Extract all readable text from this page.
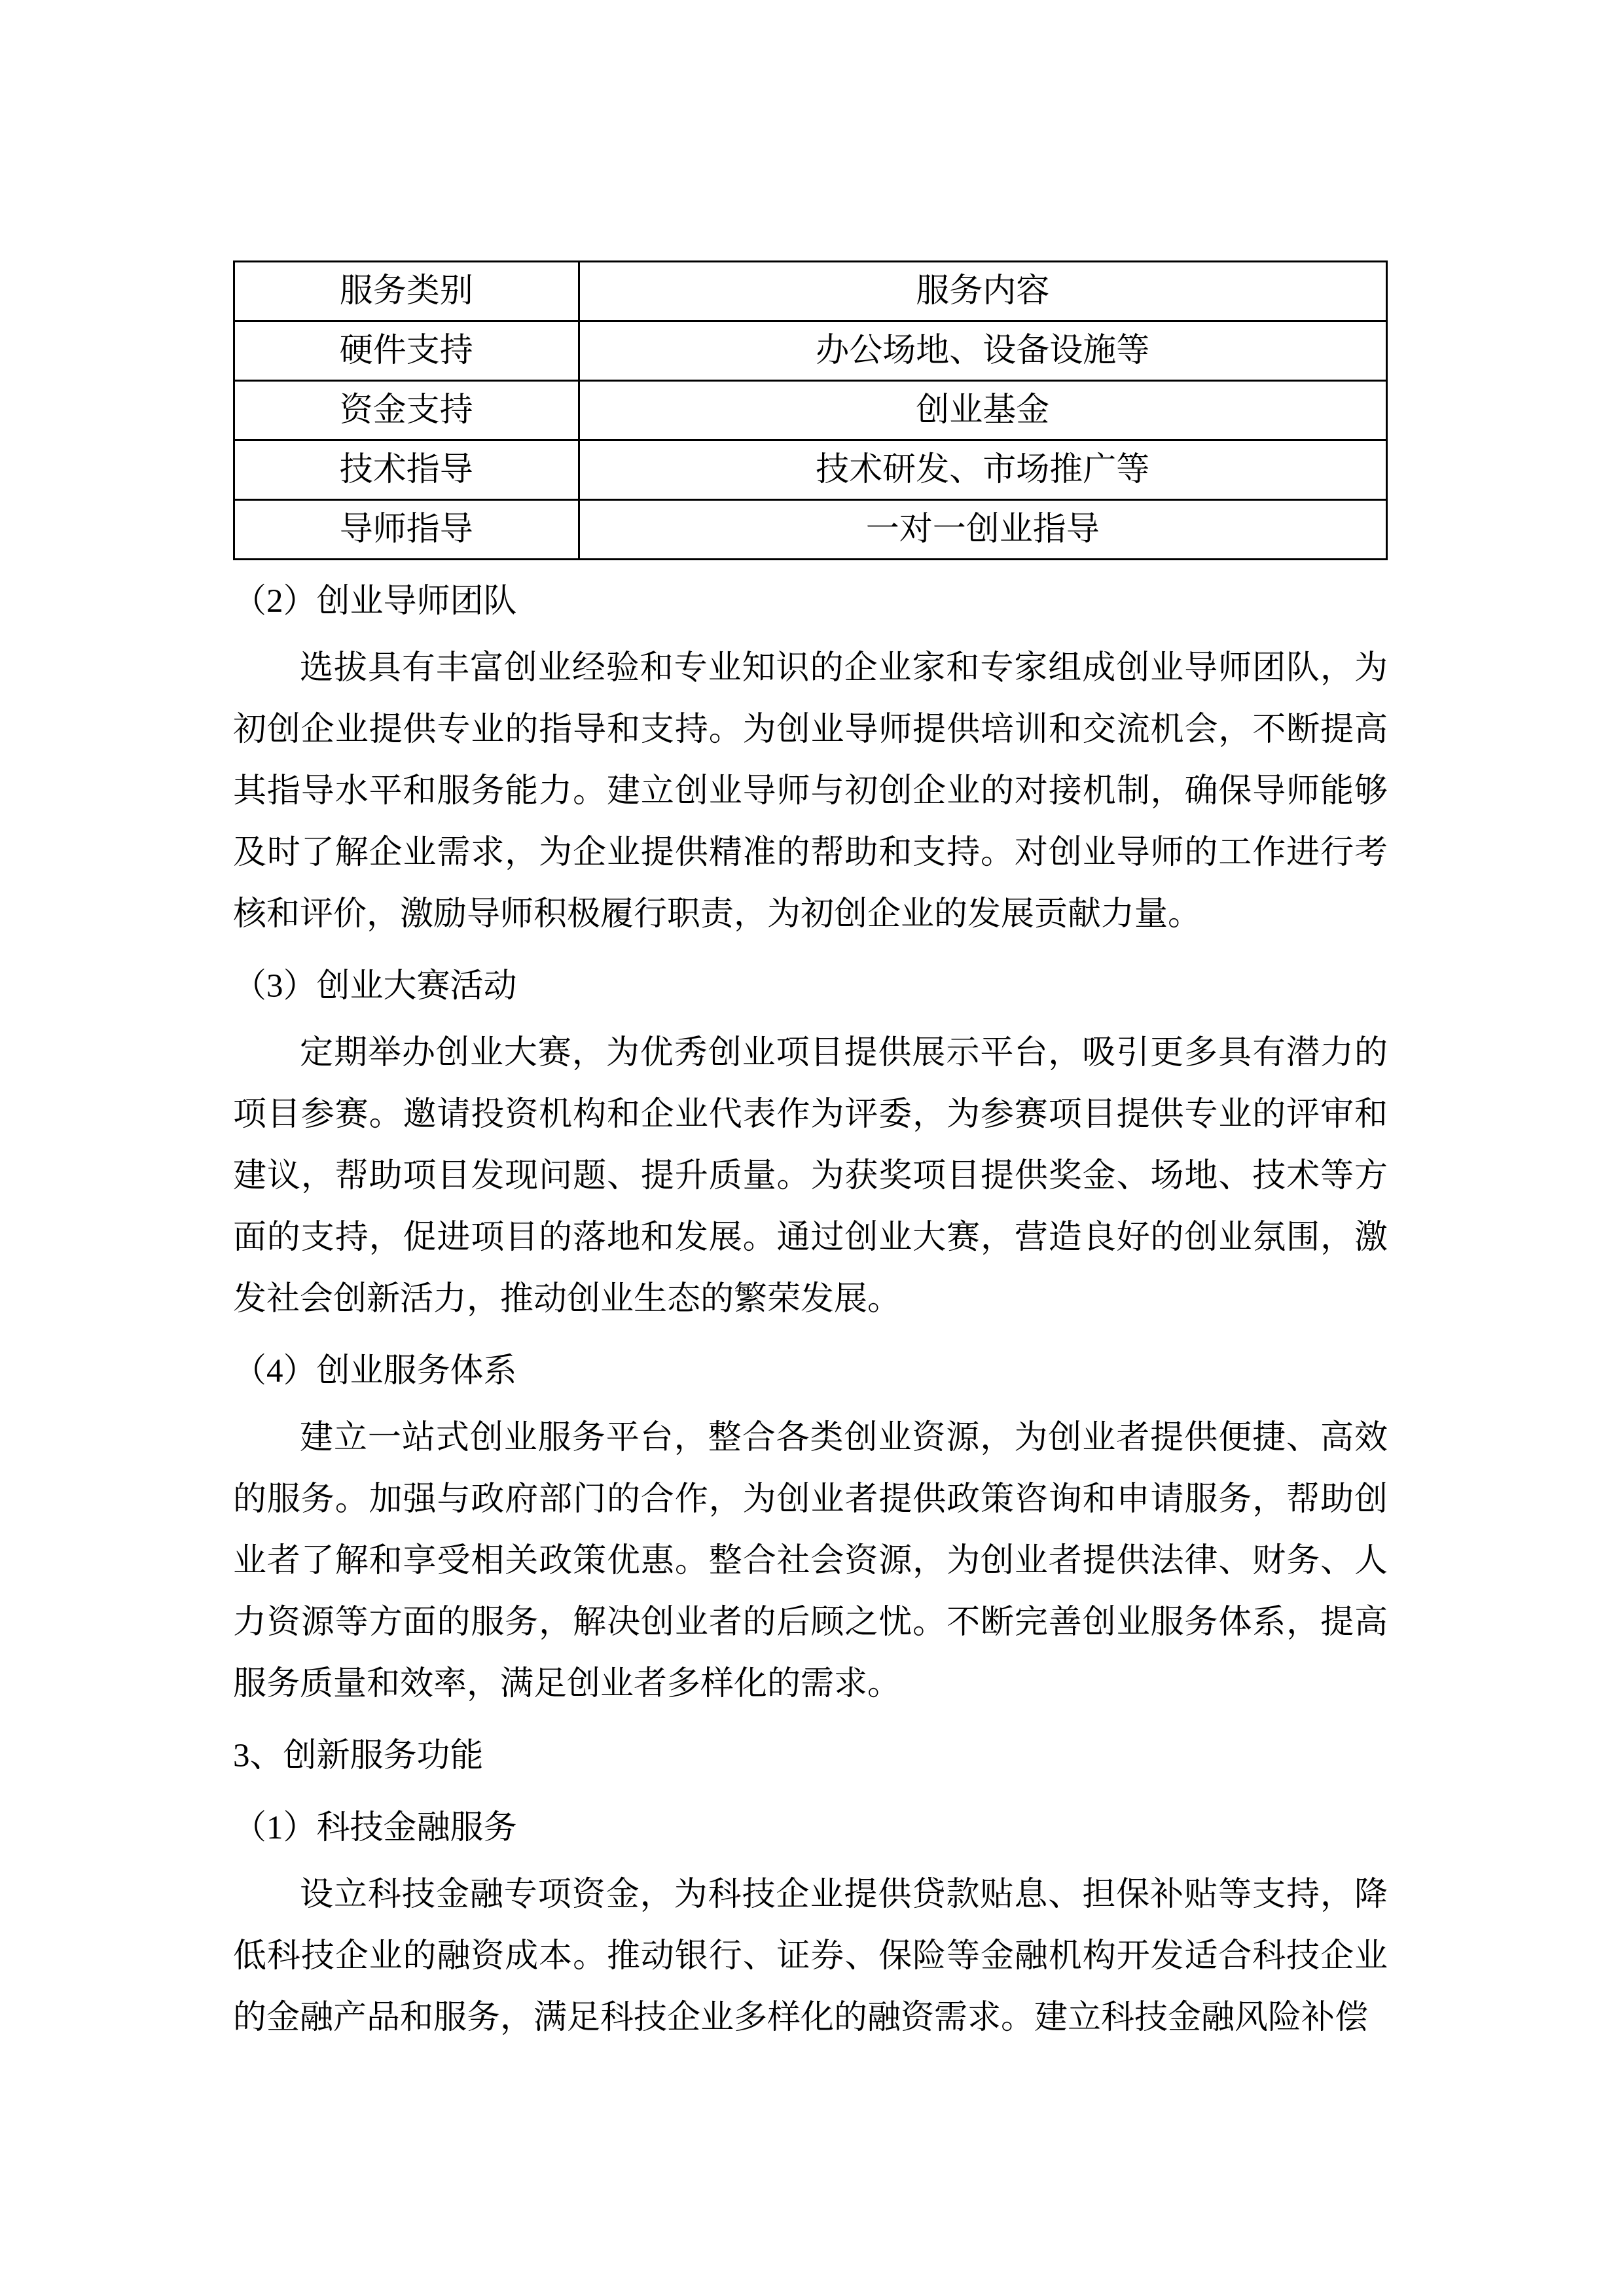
服务类别	服务内容
硬件支持	办公场地、设备设施等
资金支持	创业基金
技术指导	技术研发、市场推广等
导师指导	一对一创业指导
（2）创业导师团队

选拔具有丰富创业经验和专业知识的企业家和专家组成创业导师团队，为初创企业提供专业的指导和支持。为创业导师提供培训和交流机会，不断提高其指导水平和服务能力。建立创业导师与初创企业的对接机制，确保导师能够及时了解企业需求，为企业提供精准的帮助和支持。对创业导师的工作进行考核和评价，激励导师积极履行职责，为初创企业的发展贡献力量。

（3）创业大赛活动

定期举办创业大赛，为优秀创业项目提供展示平台，吸引更多具有潜力的项目参赛。邀请投资机构和企业代表作为评委，为参赛项目提供专业的评审和建议，帮助项目发现问题、提升质量。为获奖项目提供奖金、场地、技术等方面的支持，促进项目的落地和发展。通过创业大赛，营造良好的创业氛围，激发社会创新活力，推动创业生态的繁荣发展。

（4）创业服务体系

建立一站式创业服务平台，整合各类创业资源，为创业者提供便捷、高效的服务。加强与政府部门的合作，为创业者提供政策咨询和申请服务，帮助创业者了解和享受相关政策优惠。整合社会资源，为创业者提供法律、财务、人力资源等方面的服务，解决创业者的后顾之忧。不断完善创业服务体系，提高服务质量和效率，满足创业者多样化的需求。

3、创新服务功能
（1）科技金融服务

设立科技金融专项资金，为科技企业提供贷款贴息、担保补贴等支持，降低科技企业的融资成本。推动银行、证券、保险等金融机构开发适合科技企业的金融产品和服务，满足科技企业多样化的融资需求。建立科技金融风险补偿
